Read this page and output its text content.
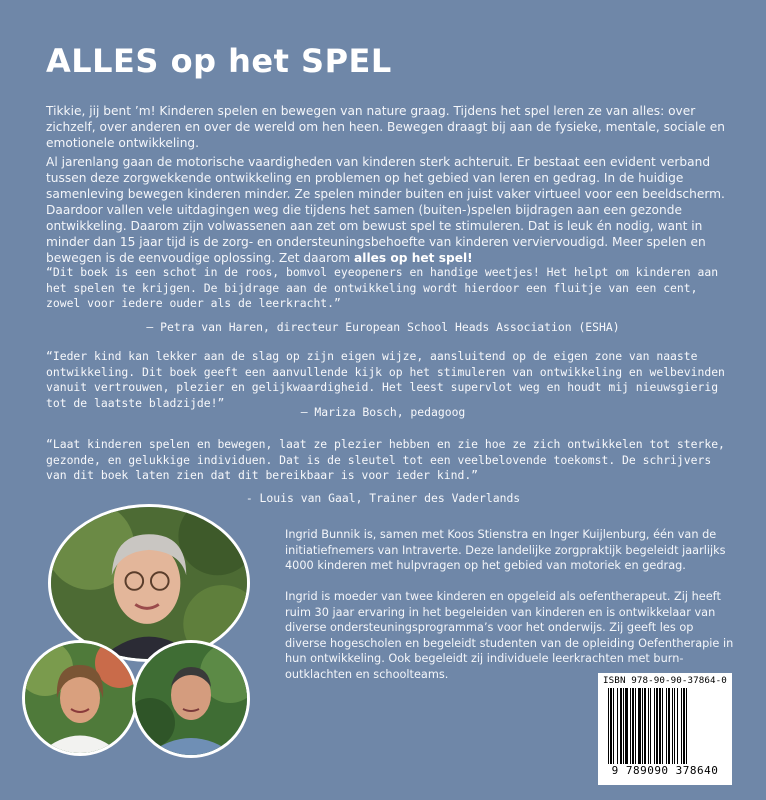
ALLES op het SPEL

Tikkie, jij bent ’m! Kinderen spelen en bewegen van nature graag. Tijdens het spel leren ze van alles: over zichzelf, over anderen en over de wereld om hen heen. Bewegen draagt bij aan de fysieke, mentale, sociale en emotionele ontwikkeling.

Al jarenlang gaan de motorische vaardigheden van kinderen sterk achteruit. Er bestaat een evident verband tussen deze zorgwekkende ontwikkeling en problemen op het gebied van leren en gedrag. In de huidige samenleving bewegen kinderen minder. Ze spelen minder buiten en juist vaker virtueel voor een beeldscherm. Daardoor vallen vele uitdagingen weg die tijdens het samen (buiten-)spelen bijdragen aan een gezonde ontwikkeling. Daarom zijn volwassenen aan zet om bewust spel te stimuleren. Dat is leuk én nodig, want in minder dan 15 jaar tijd is de zorg- en ondersteuningsbehoefte van kinderen verviervoudigd. Meer spelen en bewegen is de eenvoudige oplossing. Zet daarom alles op het spel!

“Dit boek is een schot in de roos, bomvol eyeopeners en handige weetjes! Het helpt om kinderen aan het spelen te krijgen. De bijdrage aan de ontwikkeling wordt hierdoor een fluitje van een cent, zowel voor iedere ouder als de leerkracht.”

– Petra van Haren, directeur European School Heads Association (ESHA)

“Ieder kind kan lekker aan de slag op zijn eigen wijze, aansluitend op de eigen zone van naaste ontwikkeling. Dit boek geeft een aanvullende kijk op het stimuleren van ontwikkeling en welbevinden vanuit vertrouwen, plezier en gelijkwaardigheid. Het leest supervlot weg en houdt mij nieuwsgierig tot de laatste bladzijde!”

– Mariza Bosch, pedagoog

“Laat kinderen spelen en bewegen, laat ze plezier hebben en zie hoe ze zich ontwikkelen tot sterke, gezonde, en gelukkige individuen. Dat is de sleutel tot een veelbelovende toekomst. De schrijvers van dit boek laten zien dat dit bereikbaar is voor ieder kind.”

- Louis van Gaal, Trainer des Vaderlands

Ingrid Bunnik is, samen met Koos Stienstra en Inger Kuijlenburg, één van de initiatiefnemers van Intraverte. Deze landelijke zorgpraktijk begeleidt jaarlijks 4000 kinderen met hulpvragen op het gebied van motoriek en gedrag.

Ingrid is moeder van twee kinderen en opgeleid als oefentherapeut. Zij heeft ruim 30 jaar ervaring in het begeleiden van kinderen en is ontwikkelaar van diverse ondersteuningsprogramma’s voor het onderwijs. Zij geeft les op diverse hogescholen en begeleidt studenten van de opleiding Oefentherapie in hun ontwikkeling. Ook begeleidt zij individuele leerkrachten met burn-outklachten en schoolteams.	ISBN 978-90-90-37864-0

9 789090 378640
